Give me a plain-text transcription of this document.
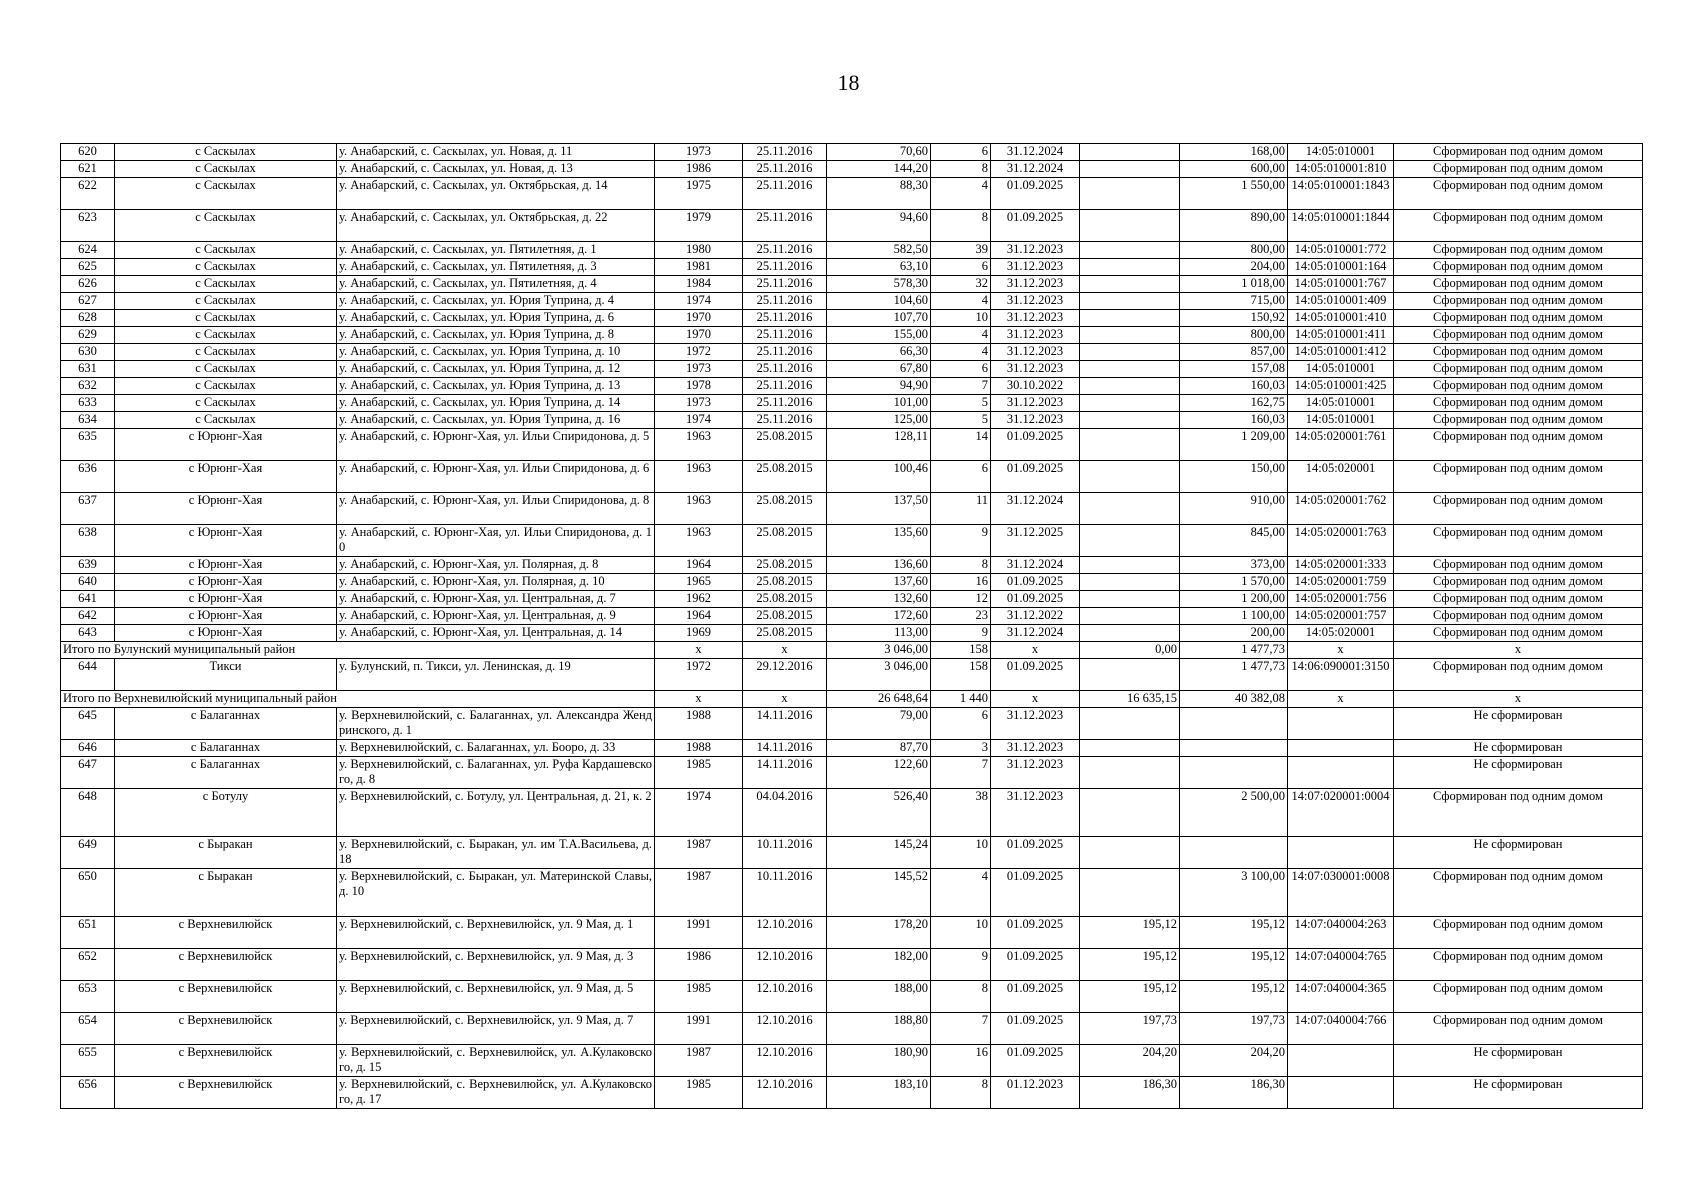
18
620	с Саскылах	у. Анабарский, с. Саскылах, ул. Новая, д. 11	1973	25.11.2016	70,60	6	31.12.2024		168,00	14:05:010001	Сформирован под одним домом
621	с Саскылах	у. Анабарский, с. Саскылах, ул. Новая, д. 13	1986	25.11.2016	144,20	8	31.12.2024		600,00	14:05:010001:810	Сформирован под одним домом
622	с Саскылах	у. Анабарский, с. Саскылах, ул. Октябрьская, д. 14	1975	25.11.2016	88,30	4	01.09.2025		1 550,00	14:05:010001:1843	Сформирован под одним домом
623	с Саскылах	у. Анабарский, с. Саскылах, ул. Октябрьская, д. 22	1979	25.11.2016	94,60	8	01.09.2025		890,00	14:05:010001:1844	Сформирован под одним домом
624	с Саскылах	у. Анабарский, с. Саскылах, ул. Пятилетняя, д. 1	1980	25.11.2016	582,50	39	31.12.2023		800,00	14:05:010001:772	Сформирован под одним домом
625	с Саскылах	у. Анабарский, с. Саскылах, ул. Пятилетняя, д. 3	1981	25.11.2016	63,10	6	31.12.2023		204,00	14:05:010001:164	Сформирован под одним домом
626	с Саскылах	у. Анабарский, с. Саскылах, ул. Пятилетняя, д. 4	1984	25.11.2016	578,30	32	31.12.2023		1 018,00	14:05:010001:767	Сформирован под одним домом
627	с Саскылах	у. Анабарский, с. Саскылах, ул. Юрия Туприна, д. 4	1974	25.11.2016	104,60	4	31.12.2023		715,00	14:05:010001:409	Сформирован под одним домом
628	с Саскылах	у. Анабарский, с. Саскылах, ул. Юрия Туприна, д. 6	1970	25.11.2016	107,70	10	31.12.2023		150,92	14:05:010001:410	Сформирован под одним домом
629	с Саскылах	у. Анабарский, с. Саскылах, ул. Юрия Туприна, д. 8	1970	25.11.2016	155,00	4	31.12.2023		800,00	14:05:010001:411	Сформирован под одним домом
630	с Саскылах	у. Анабарский, с. Саскылах, ул. Юрия Туприна, д. 10	1972	25.11.2016	66,30	4	31.12.2023		857,00	14:05:010001:412	Сформирован под одним домом
631	с Саскылах	у. Анабарский, с. Саскылах, ул. Юрия Туприна, д. 12	1973	25.11.2016	67,80	6	31.12.2023		157,08	14:05:010001	Сформирован под одним домом
632	с Саскылах	у. Анабарский, с. Саскылах, ул. Юрия Туприна, д. 13	1978	25.11.2016	94,90	7	30.10.2022		160,03	14:05:010001:425	Сформирован под одним домом
633	с Саскылах	у. Анабарский, с. Саскылах, ул. Юрия Туприна, д. 14	1973	25.11.2016	101,00	5	31.12.2023		162,75	14:05:010001	Сформирован под одним домом
634	с Саскылах	у. Анабарский, с. Саскылах, ул. Юрия Туприна, д. 16	1974	25.11.2016	125,00	5	31.12.2023		160,03	14:05:010001	Сформирован под одним домом
635	с Юрюнг-Хая	у. Анабарский, с. Юрюнг-Хая, ул. Ильи Спиридонова, д. 5	1963	25.08.2015	128,11	14	01.09.2025		1 209,00	14:05:020001:761	Сформирован под одним домом
636	с Юрюнг-Хая	у. Анабарский, с. Юрюнг-Хая, ул. Ильи Спиридонова, д. 6	1963	25.08.2015	100,46	6	01.09.2025		150,00	14:05:020001	Сформирован под одним домом
637	с Юрюнг-Хая	у. Анабарский, с. Юрюнг-Хая, ул. Ильи Спиридонова, д. 8	1963	25.08.2015	137,50	11	31.12.2024		910,00	14:05:020001:762	Сформирован под одним домом
638	с Юрюнг-Хая	у. Анабарский, с. Юрюнг-Хая, ул. Ильи Спиридонова, д. 10	1963	25.08.2015	135,60	9	31.12.2025		845,00	14:05:020001:763	Сформирован под одним домом
639	с Юрюнг-Хая	у. Анабарский, с. Юрюнг-Хая, ул. Полярная, д. 8	1964	25.08.2015	136,60	8	31.12.2024		373,00	14:05:020001:333	Сформирован под одним домом
640	с Юрюнг-Хая	у. Анабарский, с. Юрюнг-Хая, ул. Полярная, д. 10	1965	25.08.2015	137,60	16	01.09.2025		1 570,00	14:05:020001:759	Сформирован под одним домом
641	с Юрюнг-Хая	у. Анабарский, с. Юрюнг-Хая, ул. Центральная, д. 7	1962	25.08.2015	132,60	12	01.09.2025		1 200,00	14:05:020001:756	Сформирован под одним домом
642	с Юрюнг-Хая	у. Анабарский, с. Юрюнг-Хая, ул. Центральная, д. 9	1964	25.08.2015	172,60	23	31.12.2022		1 100,00	14:05:020001:757	Сформирован под одним домом
643	с Юрюнг-Хая	у. Анабарский, с. Юрюнг-Хая, ул. Центральная, д. 14	1969	25.08.2015	113,00	9	31.12.2024		200,00	14:05:020001	Сформирован под одним домом
Итого по Булунский муниципальный район			x	x	3 046,00	158	x	0,00	1 477,73	x	x
644	Тикси	у. Булунский, п. Тикси, ул. Ленинская, д. 19	1972	29.12.2016	3 046,00	158	01.09.2025		1 477,73	14:06:090001:3150	Сформирован под одним домом
Итого по Верхневилюйский муниципальный район			x	x	26 648,64	1 440	x	16 635,15	40 382,08	x	x
645	с Балаганнах	у. Верхневилюйский, с. Балаганнах, ул. Александра Жендринского, д. 1	1988	14.11.2016	79,00	6	31.12.2023				Не сформирован
646	с Балаганнах	у. Верхневилюйский, с. Балаганнах, ул. Бооро, д. 33	1988	14.11.2016	87,70	3	31.12.2023				Не сформирован
647	с Балаганнах	у. Верхневилюйский, с. Балаганнах, ул. Руфа Кардашевского, д. 8	1985	14.11.2016	122,60	7	31.12.2023				Не сформирован
648	с Ботулу	у. Верхневилюйский, с. Ботулу, ул. Центральная, д. 21, к. 2	1974	04.04.2016	526,40	38	31.12.2023		2 500,00	14:07:020001:0004	Сформирован под одним домом
649	с Быракан	у. Верхневилюйский, с. Быракан, ул. им Т.А.Васильева, д. 18	1987	10.11.2016	145,24	10	01.09.2025				Не сформирован
650	с Быракан	у. Верхневилюйский, с. Быракан, ул. Материнской Славы, д. 10	1987	10.11.2016	145,52	4	01.09.2025		3 100,00	14:07:030001:0008	Сформирован под одним домом
651	с Верхневилюйск	у. Верхневилюйский, с. Верхневилюйск, ул. 9 Мая, д. 1	1991	12.10.2016	178,20	10	01.09.2025	195,12	195,12	14:07:040004:263	Сформирован под одним домом
652	с Верхневилюйск	у. Верхневилюйский, с. Верхневилюйск, ул. 9 Мая, д. 3	1986	12.10.2016	182,00	9	01.09.2025	195,12	195,12	14:07:040004:765	Сформирован под одним домом
653	с Верхневилюйск	у. Верхневилюйский, с. Верхневилюйск, ул. 9 Мая, д. 5	1985	12.10.2016	188,00	8	01.09.2025	195,12	195,12	14:07:040004:365	Сформирован под одним домом
654	с Верхневилюйск	у. Верхневилюйский, с. Верхневилюйск, ул. 9 Мая, д. 7	1991	12.10.2016	188,80	7	01.09.2025	197,73	197,73	14:07:040004:766	Сформирован под одним домом
655	с Верхневилюйск	у. Верхневилюйский, с. Верхневилюйск, ул. А.Кулаковского, д. 15	1987	12.10.2016	180,90	16	01.09.2025	204,20	204,20		Не сформирован
656	с Верхневилюйск	у. Верхневилюйский, с. Верхневилюйск, ул. А.Кулаковского, д. 17	1985	12.10.2016	183,10	8	01.12.2023	186,30	186,30		Не сформирован
